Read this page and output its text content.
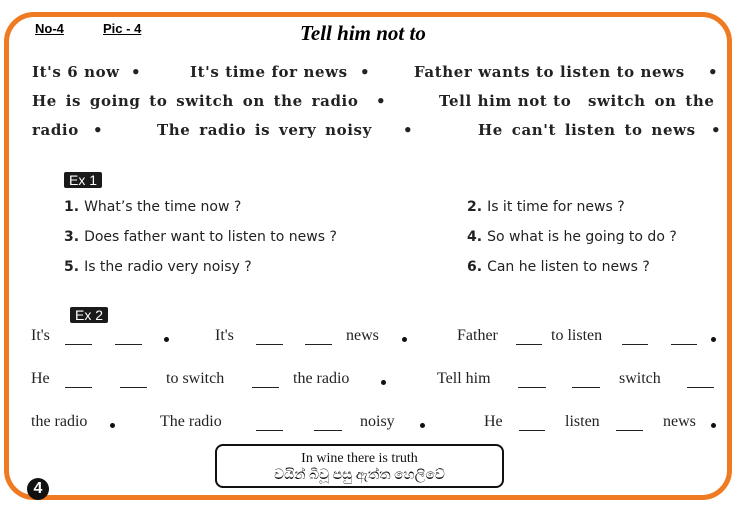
No-4	Pic - 4	Tell him not to
It's 6 now •	It's time for news •	Father wants to listen to news •
He is going to switch on the radio •	Tell him not to switch on the
radio •	The radio is very noisy •	He can't listen to news •
Ex 1
1. What’s the time now ?	2. Is it time for news ?
3. Does father want to listen to news ?	4. So what is he going to do ?
5. Is the radio very noisy ?	6. Can he listen to news ?
Ex 2
It's	It's	news	Father	to listen
He	to switch	the radio	Tell him	switch
the radio	The radio	noisy	He	listen	news
In wine there is truth
වයින් බීවූ පසු ඇත්ත හෙලිවේ
4
